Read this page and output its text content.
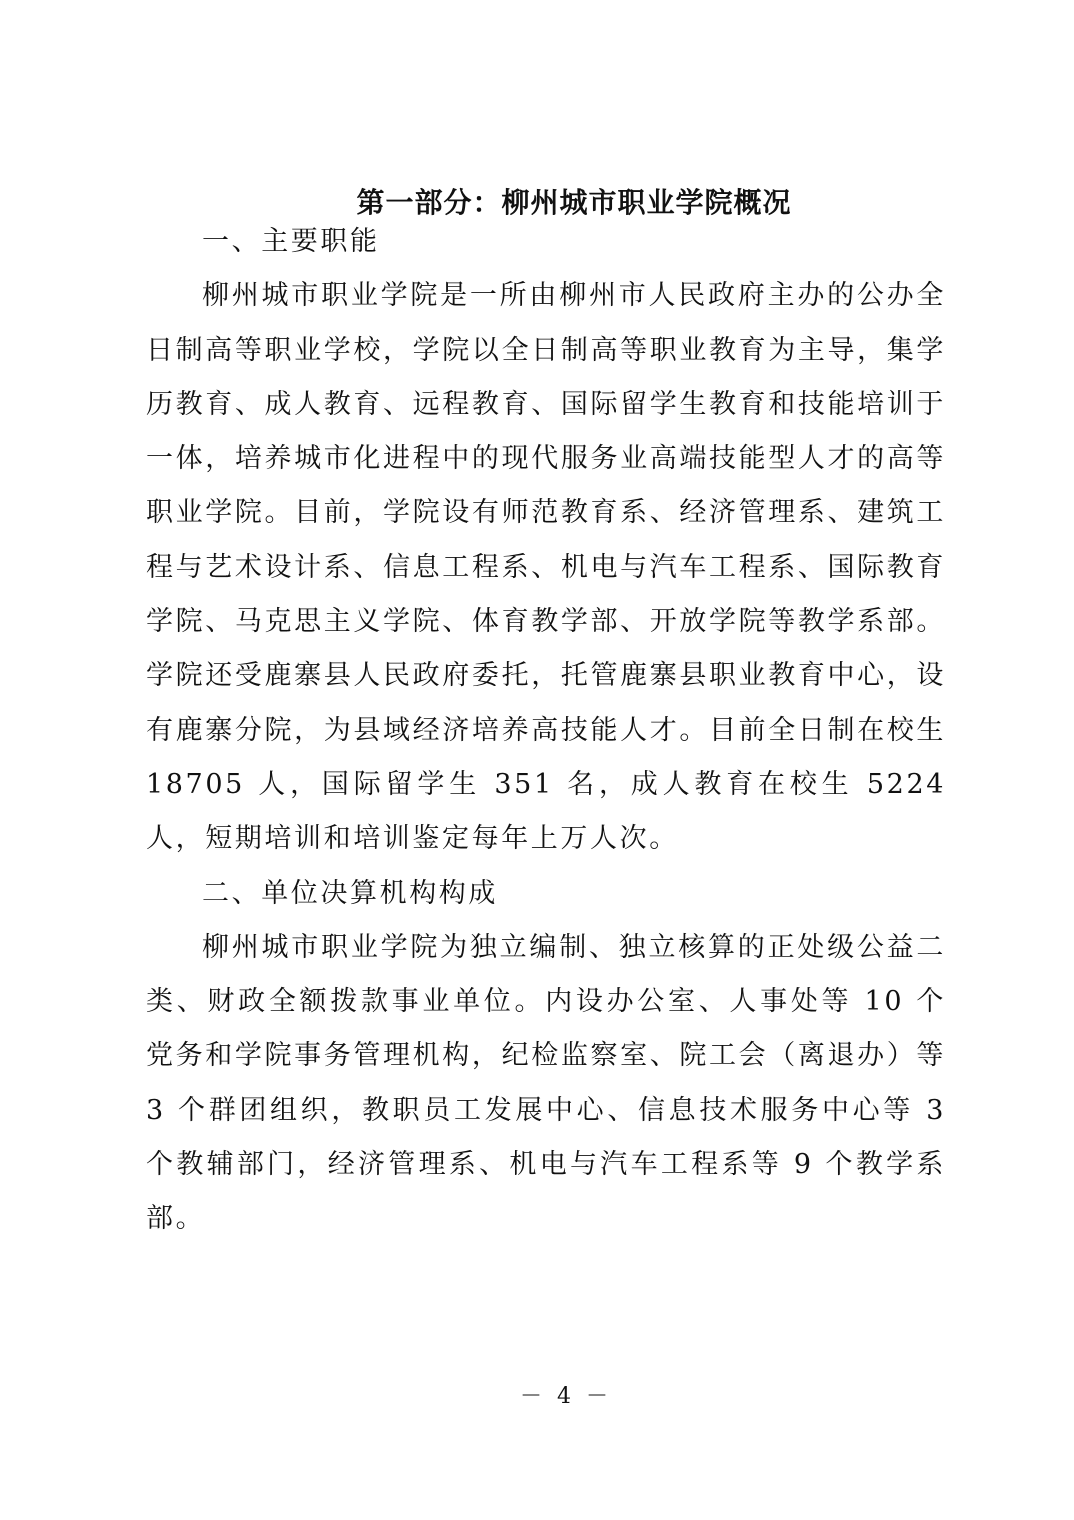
第一部分：柳州城市职业学院概况
一、主要职能

柳州城市职业学院是一所由柳州市人民政府主办的公办全日制高等职业学校，学院以全日制高等职业教育为主导，集学历教育、成人教育、远程教育、国际留学生教育和技能培训于一体，培养城市化进程中的现代服务业高端技能型人才的高等职业学院。目前，学院设有师范教育系、经济管理系、建筑工程与艺术设计系、信息工程系、机电与汽车工程系、国际教育学院、马克思主义学院、体育教学部、开放学院等教学系部。学院还受鹿寨县人民政府委托，托管鹿寨县职业教育中心，设有鹿寨分院，为县域经济培养高技能人才。目前全日制在校生 18705 人，国际留学生 351 名，成人教育在校生 5224 人，短期培训和培训鉴定每年上万人次。

二、单位决算机构构成

柳州城市职业学院为独立编制、独立核算的正处级公益二类、财政全额拨款事业单位。内设办公室、人事处等 10 个党务和学院事务管理机构，纪检监察室、院工会（离退办）等 3 个群团组织，教职员工发展中心、信息技术服务中心等 3 个教辅部门，经济管理系、机电与汽车工程系等 9 个教学系部。

－ 4 －
